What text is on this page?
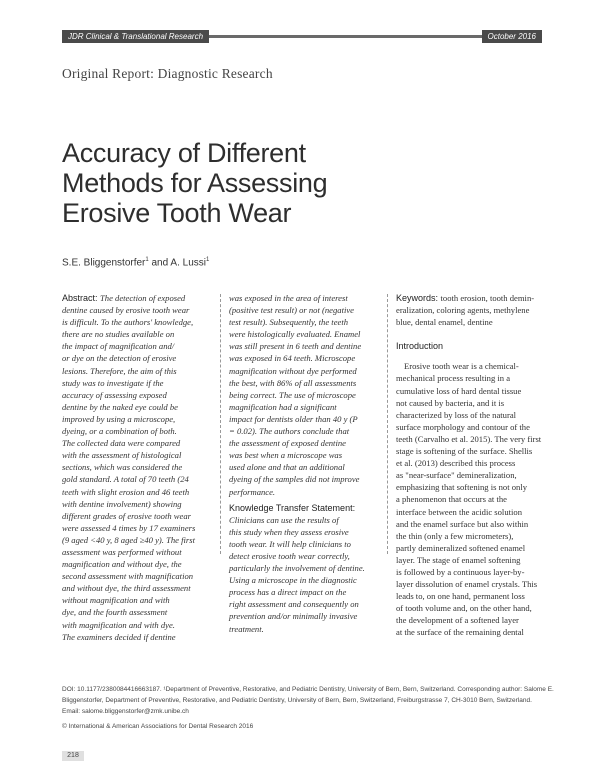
JDR Clinical & Translational Research	October 2016
Original Report: Diagnostic Research
Accuracy of Different
Methods for Assessing
Erosive Tooth Wear
S.E. Bliggenstorfer$^1$ and A. Lussi$^1$
Abstract: The detection of exposed
dentine caused by erosive tooth wear
is difficult. To the authors' knowledge,
there are no studies available on
the impact of magnification and/
or dye on the detection of erosive
lesions. Therefore, the aim of this
study was to investigate if the
accuracy of assessing exposed
dentine by the naked eye could be
improved by using a microscope,
dyeing, or a combination of both.
The collected data were compared
with the assessment of histological
sections, which was considered the
gold standard. A total of 70 teeth (24
teeth with slight erosion and 46 teeth
with dentine involvement) showing
different grades of erosive tooth wear
were assessed 4 times by 17 examiners
(9 aged <40 y, 8 aged ≥40 y). The first
assessment was performed without
magnification and without dye, the
second assessment with magnification
and without dye, the third assessment
without magnification and with
dye, and the fourth assessment
with magnification and with dye.
The examiners decided if dentine
was exposed in the area of interest
(positive test result) or not (negative
test result). Subsequently, the teeth
were histologically evaluated. Enamel
was still present in 6 teeth and dentine
was exposed in 64 teeth. Microscope
magnification without dye performed
the best, with 86% of all assessments
being correct. The use of microscope
magnification had a significant
impact for dentists older than 40 y (P
= 0.02). The authors conclude that
the assessment of exposed dentine
was best when a microscope was
used alone and that an additional
dyeing of the samples did not improve
performance.
Knowledge Transfer Statement:
Clinicians can use the results of
this study when they assess erosive
tooth wear. It will help clinicians to
detect erosive tooth wear correctly,
particularly the involvement of dentine.
Using a microscope in the diagnostic
process has a direct impact on the
right assessment and consequently on
prevention and/or minimally invasive
treatment.
Keywords: tooth erosion, tooth demin-
eralization, coloring agents, methylene
blue, dental enamel, dentine
Introduction
Erosive tooth wear is a chemical-
mechanical process resulting in a
cumulative loss of hard dental tissue
not caused by bacteria, and it is
characterized by loss of the natural
surface morphology and contour of the
teeth (Carvalho et al. 2015). The very first
stage is softening of the surface. Shellis
et al. (2013) described this process
as "near-surface" demineralization,
emphasizing that softening is not only
a phenomenon that occurs at the
interface between the acidic solution
and the enamel surface but also within
the thin (only a few micrometers),
partly demineralized softened enamel
layer. The stage of enamel softening
is followed by a continuous layer-by-
layer dissolution of enamel crystals. This
leads to, on one hand, permanent loss
of tooth volume and, on the other hand,
the development of a softened layer
at the surface of the remaining dental
DOI: 10.1177/2380084416663187. ¹Department of Preventive, Restorative, and Pediatric Dentistry, University of Bern, Bern, Switzerland. Corresponding author: Salome E.
Bliggenstorfer, Department of Preventive, Restorative, and Pediatric Dentistry, University of Bern, Bern, Switzerland, Freiburgstrasse 7, CH-3010 Bern, Switzerland.
Email: salome.bliggenstorfer@zmk.unibe.ch
© International & American Associations for Dental Research 2016
218
